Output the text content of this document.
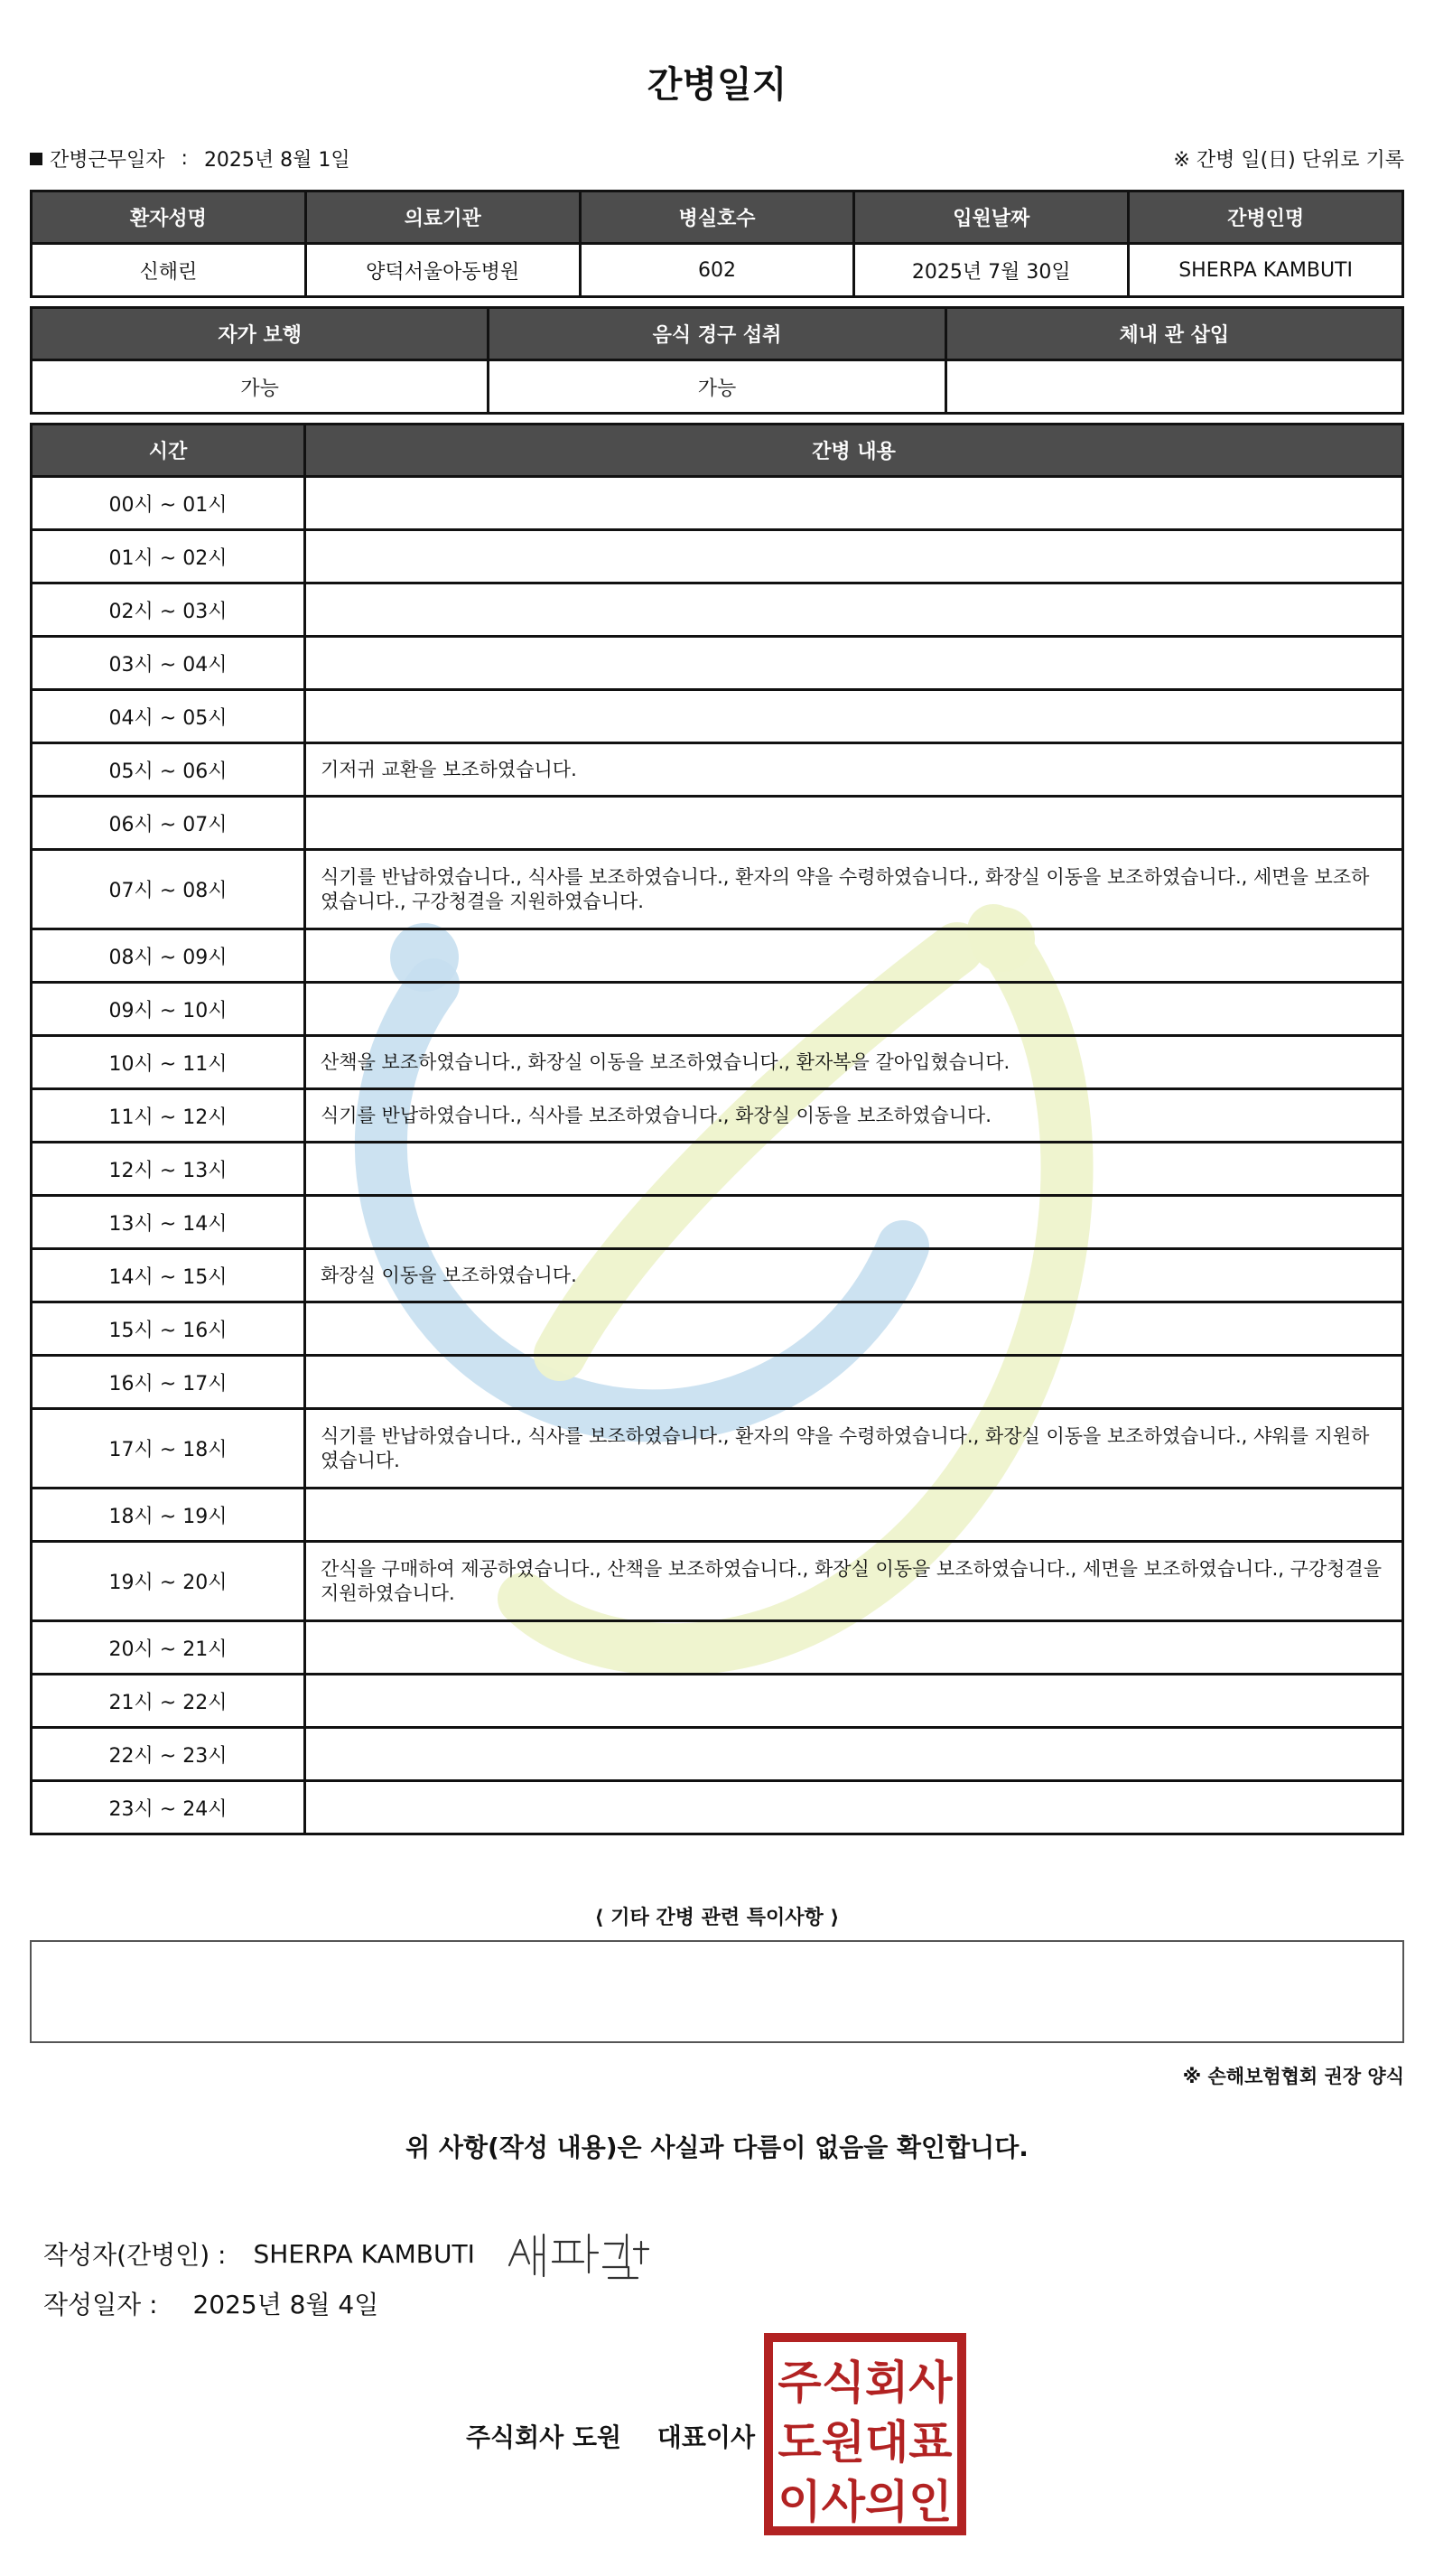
간병일지
간병근무일자 : 2025년 8월 1일	※ 간병 일(日) 단위로 기록
환자성명	의료기관	병실호수	입원날짜	간병인명
신해린	양덕서울아동병원	602	2025년 7월 30일	SHERPA KAMBUTI
자가 보행	음식 경구 섭취	체내 관 삽입
가능	가능	
시간	간병 내용
00시 ~ 01시	
01시 ~ 02시	
02시 ~ 03시	
03시 ~ 04시	
04시 ~ 05시	
05시 ~ 06시	기저귀 교환을 보조하였습니다.
06시 ~ 07시	
07시 ~ 08시	식기를 반납하였습니다., 식사를 보조하였습니다., 환자의 약을 수령하였습니다., 화장실 이동을 보조하였습니다., 세면을 보조하였습니다., 구강청결을 지원하였습니다.
08시 ~ 09시	
09시 ~ 10시	
10시 ~ 11시	산책을 보조하였습니다., 화장실 이동을 보조하였습니다., 환자복을 갈아입혔습니다.
11시 ~ 12시	식기를 반납하였습니다., 식사를 보조하였습니다., 화장실 이동을 보조하였습니다.
12시 ~ 13시	
13시 ~ 14시	
14시 ~ 15시	화장실 이동을 보조하였습니다.
15시 ~ 16시	
16시 ~ 17시	
17시 ~ 18시	식기를 반납하였습니다., 식사를 보조하였습니다., 환자의 약을 수령하였습니다., 화장실 이동을 보조하였습니다., 샤워를 지원하였습니다.
18시 ~ 19시	
19시 ~ 20시	간식을 구매하여 제공하였습니다., 산책을 보조하였습니다., 화장실 이동을 보조하였습니다., 세면을 보조하였습니다., 구강청결을 지원하였습니다.
20시 ~ 21시	
21시 ~ 22시	
22시 ~ 23시	
23시 ~ 24시	
⟨ 기타 간병 관련 특이사항 ⟩
※ 손해보험협회 권장 양식
위 사항(작성 내용)은 사실과 다름이 없음을 확인합니다.
작성자(간병인) : SHERPA KAMBUTI
작성일자 : 2025년 8월 4일
주식회사 도원 대표이사
주식회사
도원대표
이사의인
